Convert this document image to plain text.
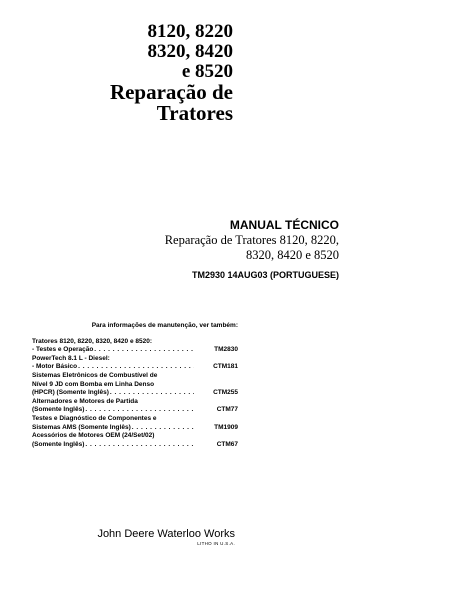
8120, 8220
8320, 8420
e 8520
Reparação de
Tratores
MANUAL TÉCNICO
Reparação de Tratores 8120, 8220,
8320, 8420 e 8520
TM2930 14AUG03 (PORTUGUESE)
Para informações de manutenção, ver também:
Tratores 8120, 8220, 8320, 8420 e 8520:
- Testes e Operação . . .	TM2830
PowerTech 8.1 L - Diesel:
- Motor Básico . . .	CTM181
Sistemas Eletrônicos de Combustível de
Nível 9 JD com Bomba em Linha Denso
(HPCR) (Somente Inglês) . . .	CTM255
Alternadores e Motores de Partida
(Somente Inglês) . . .	CTM77
Testes e Diagnóstico de Componentes e
Sistemas AMS (Somente Inglês) . . .	TM1909
Acessórios de Motores OEM (24/Set/02)
(Somente Inglês) . . .	CTM67
John Deere Waterloo Works
LITHO IN U.S.A.
